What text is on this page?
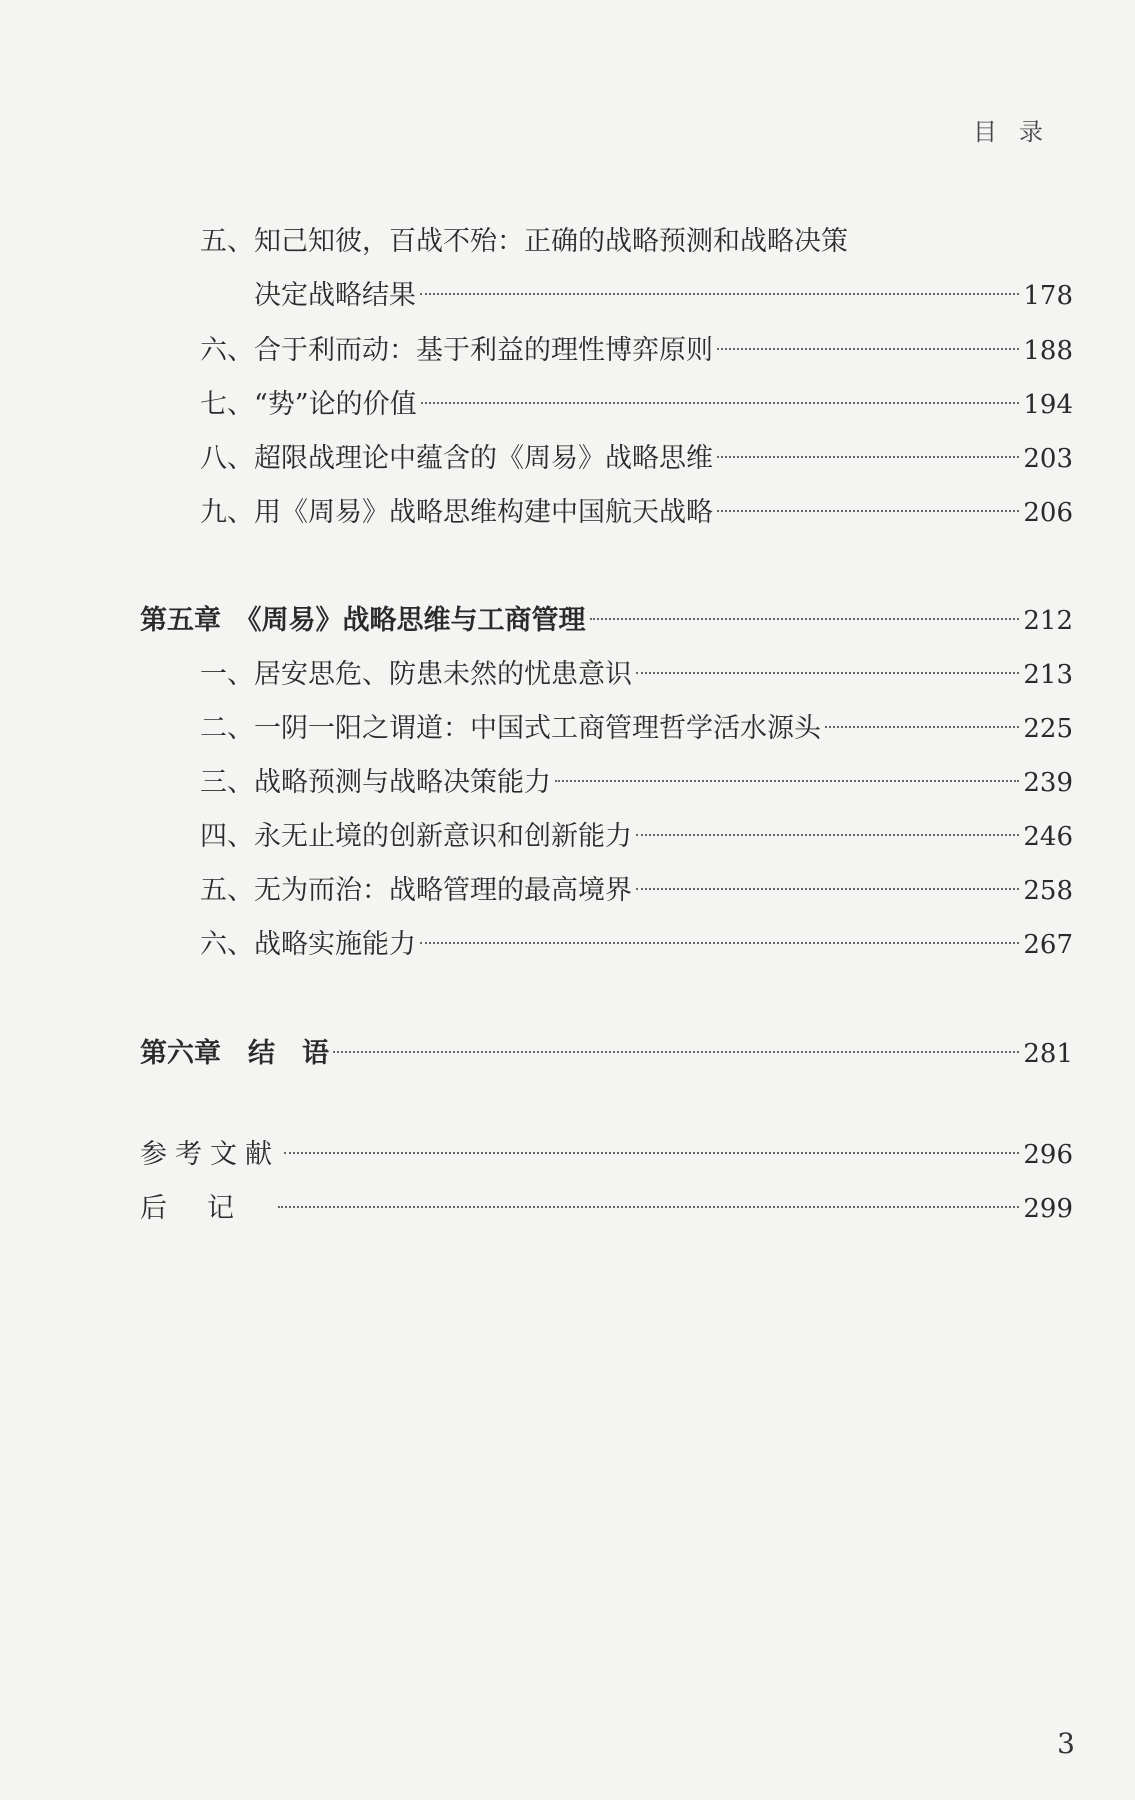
目录
五、知己知彼，百战不殆：正确的战略预测和战略决策
决定战略结果	178
六、合于利而动：基于利益的理性博弈原则	188
七、“势”论的价值	194
八、超限战理论中蕴含的《周易》战略思维	203
九、用《周易》战略思维构建中国航天战略	206
第五章　《周易》战略思维与工商管理	212
一、居安思危、防患未然的忧患意识	213
二、一阴一阳之谓道：中国式工商管理哲学活水源头	225
三、战略预测与战略决策能力	239
四、永无止境的创新意识和创新能力	246
五、无为而治：战略管理的最高境界	258
六、战略实施能力	267
第六章　结　语	281
参考文献	296
后记	299
3
